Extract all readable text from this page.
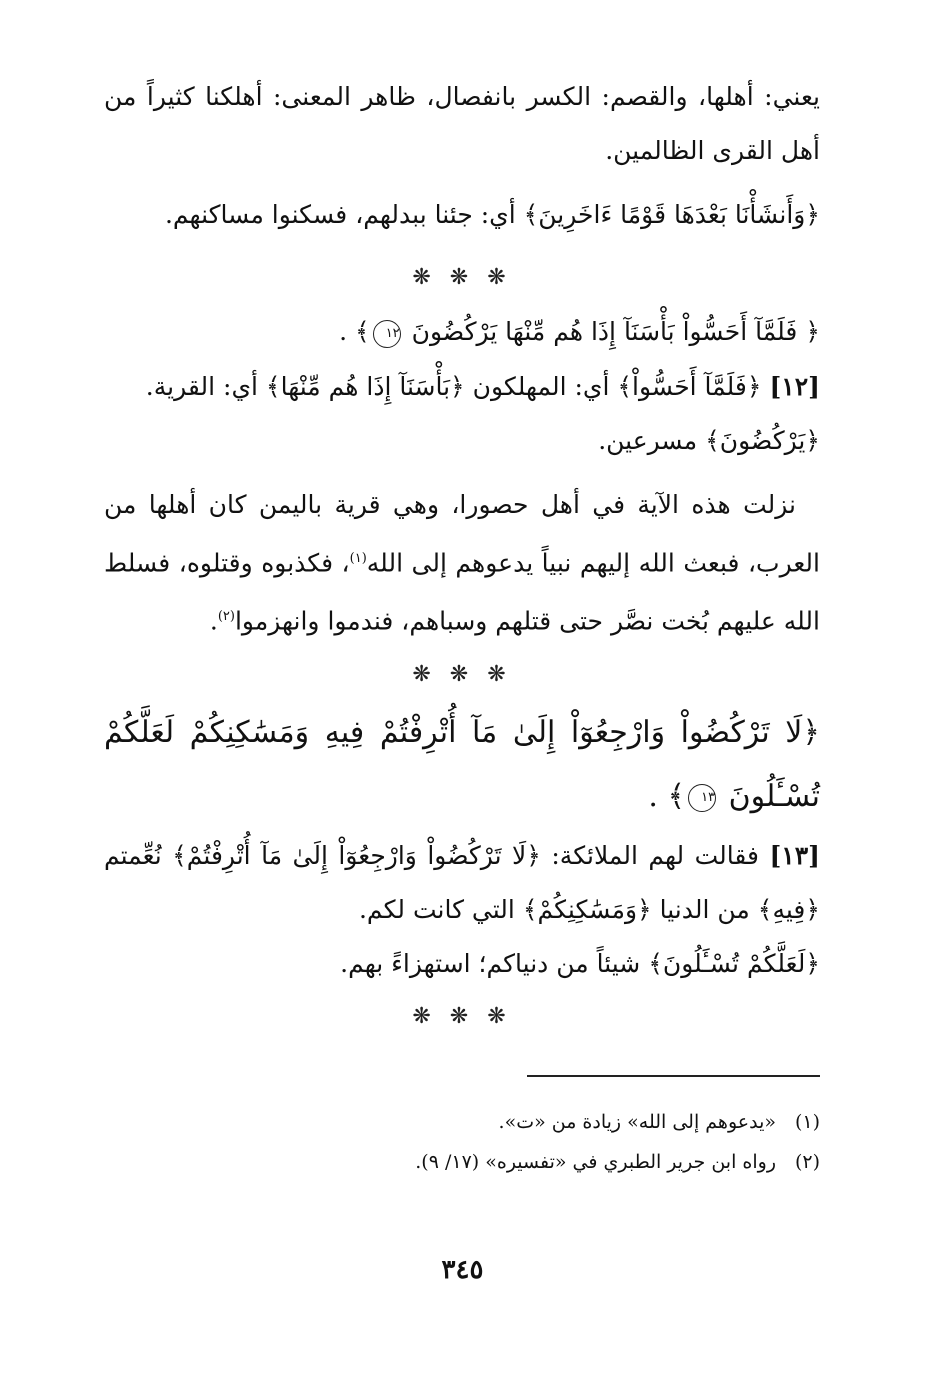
يعني: أهلها، والقصم: الكسر بانفصال، ظاهر المعنى: أهلكنا كثيراً من أهل القرى الظالمين.

﴿وَأَنشَأْنَا بَعْدَهَا قَوْمًا ءَاخَرِينَ﴾ أي: جئنا ببدلهم، فسكنوا مساكنهم.

❋ ❋ ❋

﴿ فَلَمَّآ أَحَسُّواْ بَأْسَنَآ إِذَا هُم مِّنْهَا يَرْكُضُونَ ١٢﴾ .

[١٢] ﴿فَلَمَّآ أَحَسُّواْ﴾ أي: المهلكون ﴿بَأْسَنَآ إِذَا هُم مِّنْهَا﴾ أي: القرية.

﴿يَرْكُضُونَ﴾ مسرعين.

نزلت هذه الآية في أهل حصورا، وهي قرية باليمن كان أهلها من العرب، فبعث الله إليهم نبياً يدعوهم إلى الله$^{(١)}$، فكذبوه وقتلوه، فسلط الله عليهم بُخت نصَّر حتى قتلهم وسباهم، فندموا وانهزموا$^{(٢)}$.

❋ ❋ ❋

﴿لَا تَرْكُضُواْ وَارْجِعُوٓاْ إِلَىٰ مَآ أُتْرِفْتُمْ فِيهِ وَمَسَٰكِنِكُمْ لَعَلَّكُمْ تُسْـَٔلُونَ ١٣﴾ .

[١٣] فقالت لهم الملائكة: ﴿لَا تَرْكُضُواْ وَارْجِعُوٓاْ إِلَىٰ مَآ أُتْرِفْتُمْ﴾ نُعِّمتم ﴿فِيهِ﴾ من الدنيا ﴿وَمَسَٰكِنِكُمْ﴾ التي كانت لكم.

﴿لَعَلَّكُمْ تُسْـَٔلُونَ﴾ شيئاً من دنياكم؛ استهزاءً بهم.

❋ ❋ ❋
(١)«يدعوهم إلى الله» زيادة من «ت».
(٢)رواه ابن جرير الطبري في «تفسيره» (١٧/ ٩).
٣٤٥
